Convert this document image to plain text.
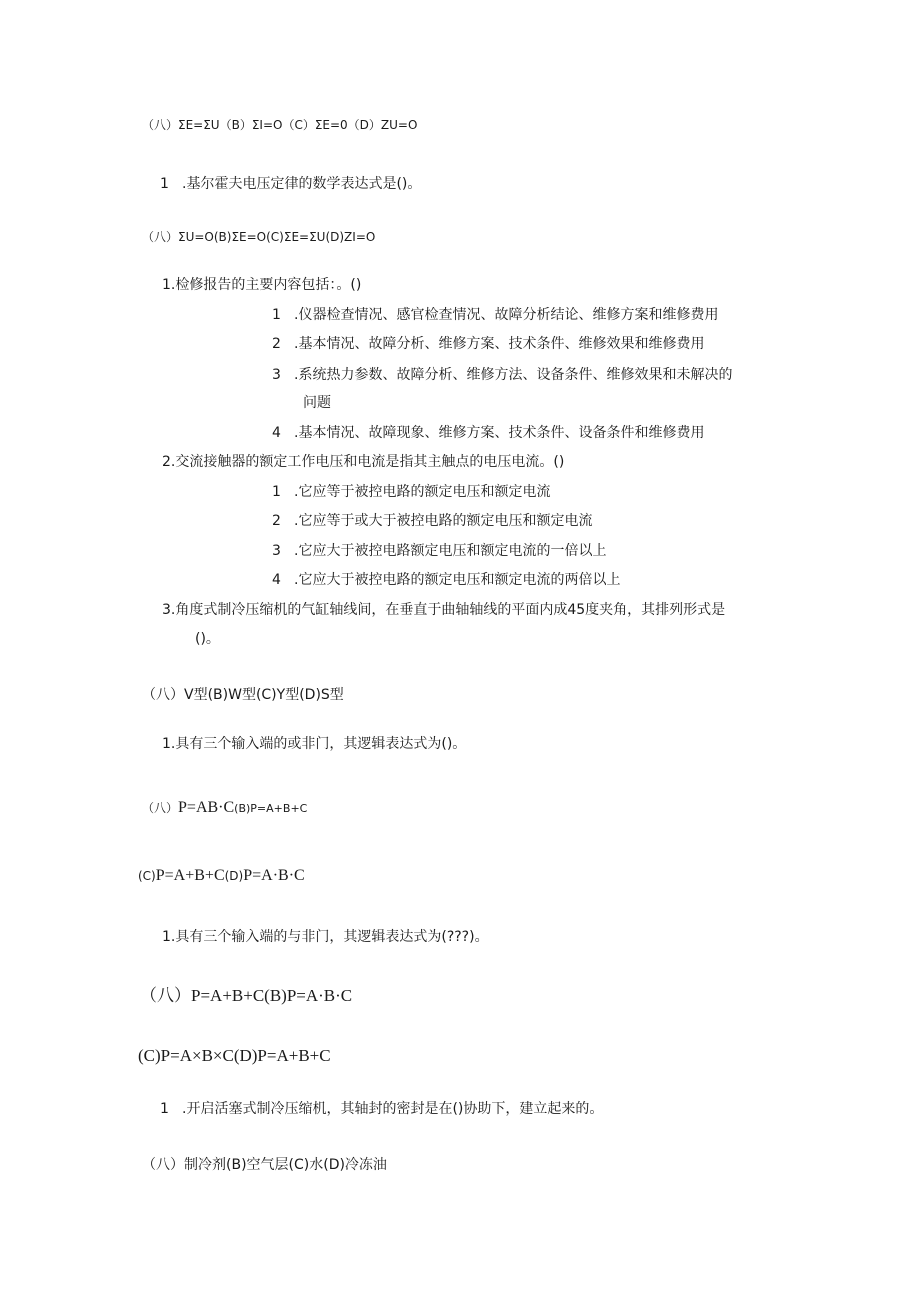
（八）ΣE=ΣU（B）ΣI=O（C）ΣE=0（D）ZU=O
1 .基尔霍夫电压定律的数学表达式是()。
（八）ΣU=O(B)ΣE=O(C)ΣE=ΣU(D)ZI=O
1.检修报告的主要内容包括：。()
1 .仪器检查情况、感官检查情况、故障分析结论、维修方案和维修费用
2 .基本情况、故障分析、维修方案、技术条件、维修效果和维修费用
3 .系统热力参数、故障分析、维修方法、设备条件、维修效果和未解决的
问题
4 .基本情况、故障现象、维修方案、技术条件、设备条件和维修费用
2.交流接触器的额定工作电压和电流是指其主触点的电压电流。()
1 .它应等于被控电路的额定电压和额定电流
2 .它应等于或大于被控电路的额定电压和额定电流
3 .它应大于被控电路额定电压和额定电流的一倍以上
4 .它应大于被控电路的额定电压和额定电流的两倍以上
3.角度式制冷压缩机的气缸轴线间，在垂直于曲轴轴线的平面内成45度夹角，其排列形式是
()。
（八）V型(B)W型(C)Y型(D)S型
1.具有三个输入端的或非门，其逻辑表达式为()。
（八）P=AB·C(B)P=A+B+C
(C)P=A+B+C(D)P=A·B·C
1.具有三个输入端的与非门，其逻辑表达式为(???)。
（八）P=A+B+C(B)P=A·B·C
(C)P=A×B×C(D)P=A+B+C
1 .开启活塞式制冷压缩机，其轴封的密封是在()协助下，建立起来的。
（八）制冷剂(B)空气层(C)水(D)冷冻油
